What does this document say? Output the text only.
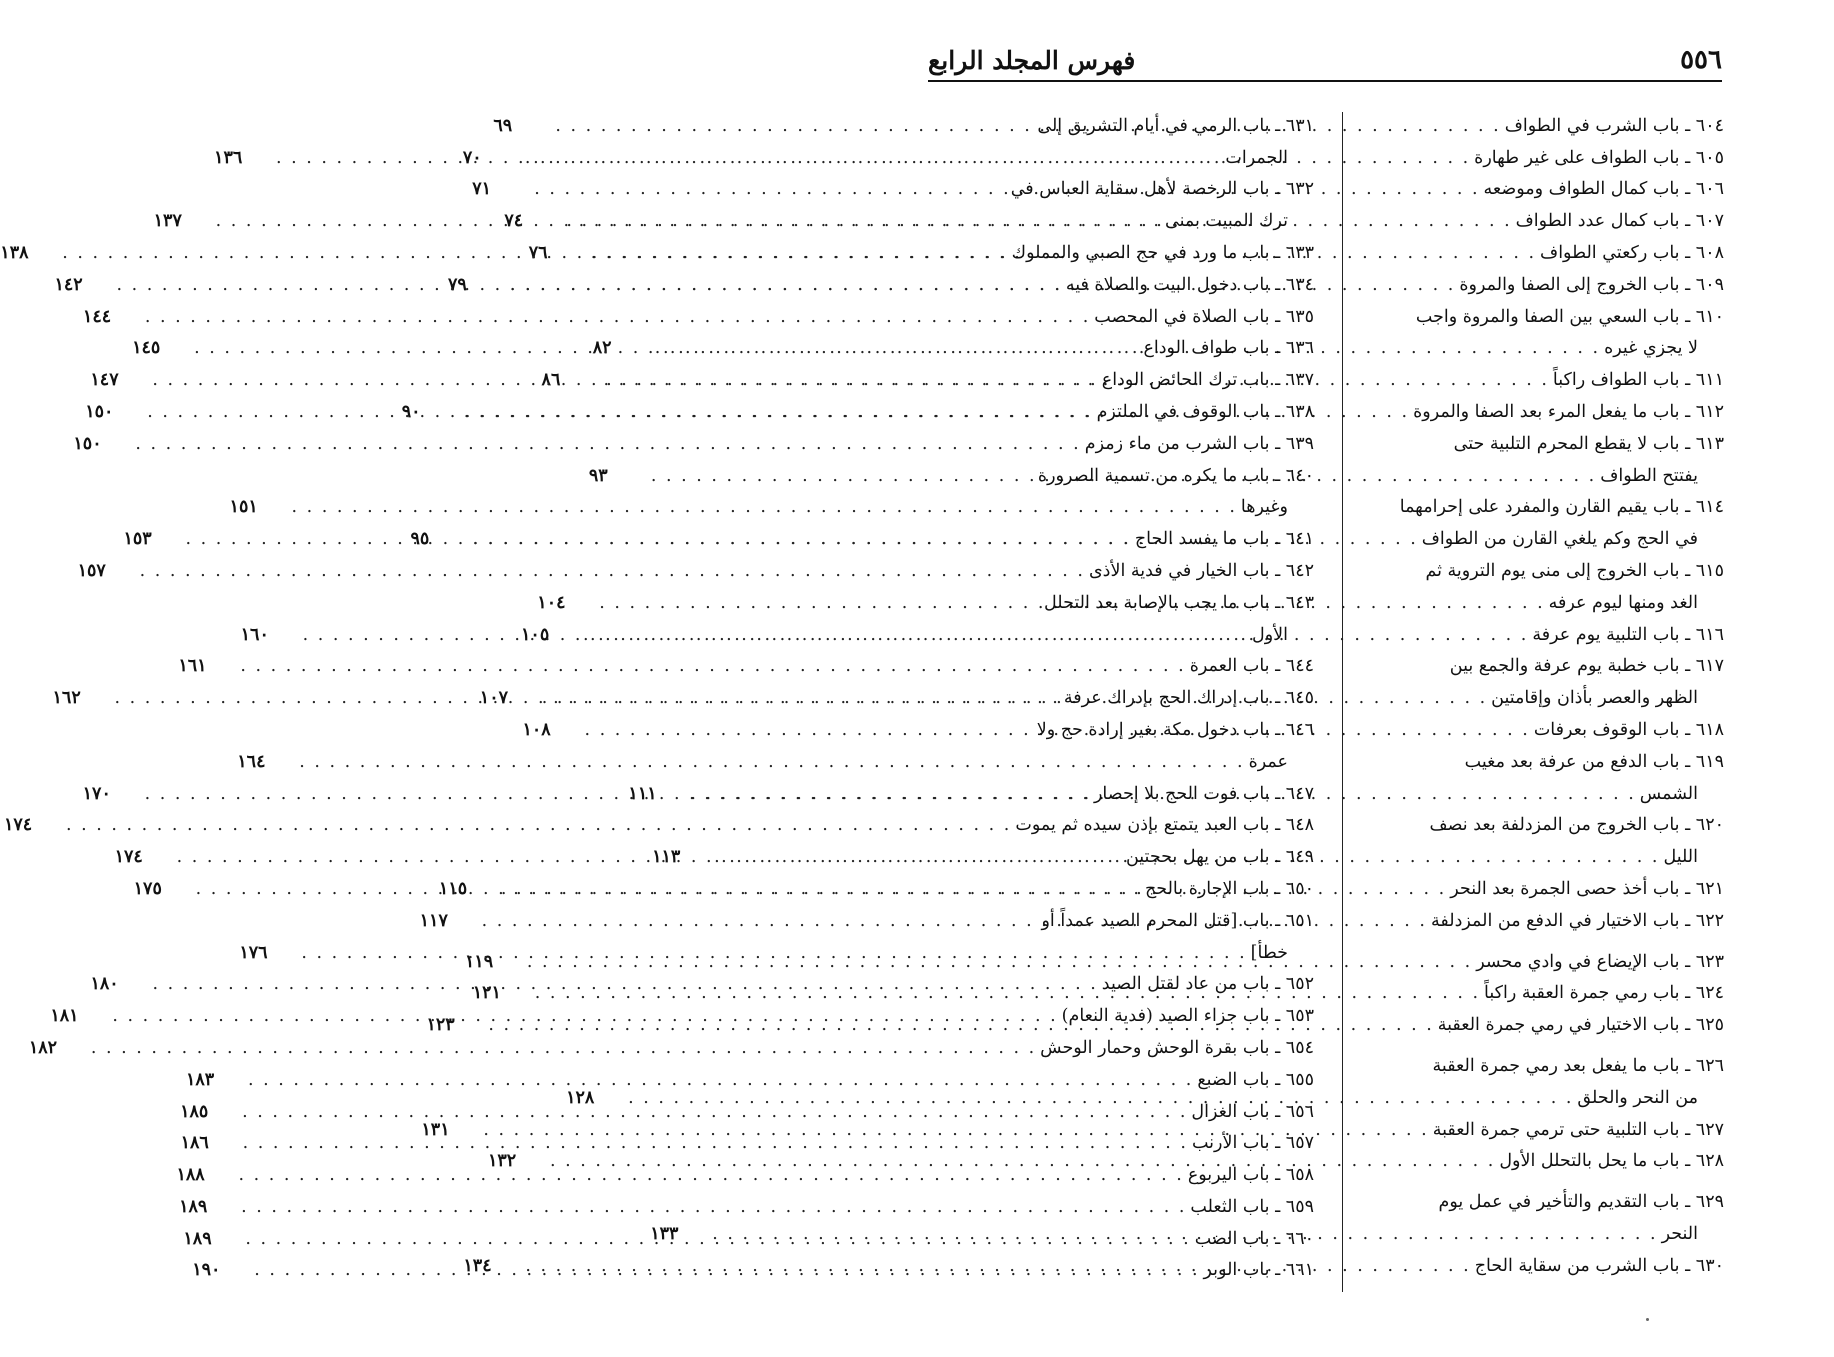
٥٥٦
فهرس المجلد الرابع
٦٠٤ ـ باب الشرب في الطواف
. . .
٦٩
٦٠٥ ـ باب الطواف على غير طهارة
. . .
٧٠
٦٠٦ ـ باب كمال الطواف وموضعه
. . .
٧١
٦٠٧ ـ باب كمال عدد الطواف
. . .
٧٤
٦٠٨ ـ باب ركعتي الطواف
. . .
٧٦
٦٠٩ ـ باب الخروج إلى الصفا والمروة
. . .
٧٩
٦١٠ ـ باب السعي بين الصفا والمروة واجب
لا يجزي غيره
. . .
٨٢
٦١١ ـ باب الطواف راكباً
. . .
٨٦
٦١٢ ـ باب ما يفعل المرء بعد الصفا والمروة
. . .
٩٠
٦١٣ ـ باب لا يقطع المحرم التلبية حتى
يفتتح الطواف
. . .
٩٣
٦١٤ ـ باب يقيم القارن والمفرد على إحرامهما
في الحج وكم يلغي القارن من الطواف
. . .
٩٥
٦١٥ ـ باب الخروج إلى منى يوم التروية ثم
الغد ومنها ليوم عرفه
. . .
١٠٤
٦١٦ ـ باب التلبية يوم عرفة
. . .
١٠٥
٦١٧ ـ باب خطبة يوم عرفة والجمع بين
الظهر والعصر بأذان وإقامتين
. . .
١٠٧
٦١٨ ـ باب الوقوف بعرفات
. . .
١٠٨
٦١٩ ـ باب الدفع من عرفة بعد مغيب
الشمس
. . .
١١١
٦٢٠ ـ باب الخروج من المزدلفة بعد نصف
الليل
. . .
١١٣
٦٢١ ـ باب أخذ حصى الجمرة بعد النحر
. . .
١١٥
٦٢٢ ـ باب الاختيار في الدفع من المزدلفة
. . .
١١٧
٦٢٣ ـ باب الإيضاع في وادي محسر
. . .
١١٩
٦٢٤ ـ باب رمي جمرة العقبة راكباً
. . .
١٢١
٦٢٥ ـ باب الاختيار في رمي جمرة العقبة
. . .
١٢٣
٦٢٦ ـ باب ما يفعل بعد رمي جمرة العقبة
من النحر والحلق
. . .
١٢٨
٦٢٧ ـ باب التلبية حتى ترمي جمرة العقبة
. . .
١٣١
٦٢٨ ـ باب ما يحل بالتحلل الأول
. . .
١٣٢
٦٢٩ ـ باب التقديم والتأخير في عمل يوم
النحر
. . .
١٣٣
٦٣٠ ـ باب الشرب من سقاية الحاج
. . .
١٣٤
٦٣١ ـ باب الرمي في أيام التشريق إلى
الجمرات
. . .
١٣٦
٦٣٢ ـ باب الرخصة لأهل سقاية العباس في
ترك المبيت بمنى
. . .
١٣٧
٦٣٣ ـ باب ما ورد في حج الصبي والمملوك
. . .
١٣٨
٦٣٤ ـ باب دخول البيت والصلاة فيه
. . .
١٤٢
٦٣٥ ـ باب الصلاة في المحصب
. . .
١٤٤
٦٣٦ ـ باب طواف الوداع
. . .
١٤٥
٦٣٧ ـ باب ترك الحائض الوداع
. . .
١٤٧
٦٣٨ ـ باب الوقوف في الملتزم
. . .
١٥٠
٦٣٩ ـ باب الشرب من ماء زمزم
. . .
١٥٠
٦٤٠ ـ باب ما يكره من تسمية الصرورة
وغيرها
. . .
١٥١
٦٤١ ـ باب ما يفسد الحاج
. . .
١٥٣
٦٤٢ ـ باب الخيار في فدية الأذى
. . .
١٥٧
٦٤٣ ـ باب ما يجب بالإصابة بعد التحلل
الأول
. . .
١٦٠
٦٤٤ ـ باب العمرة
. . .
١٦١
٦٤٥ ـ باب إدراك الحج بإدراك عرفة
. . .
١٦٢
٦٤٦ ـ باب دخول مكة بغير إرادة حج ولا
عمرة
. . .
١٦٤
٦٤٧ ـ باب فوت الحج بلا إحصار
. . .
١٧٠
٦٤٨ ـ باب العبد يتمتع بإذن سيده ثم يموت
. . .
١٧٤
٦٤٩ ـ باب من يهل بحجتين
. . .
١٧٤
٦٥٠ ـ باب الإجارة بالحج
. . .
١٧٥
٦٥١ ـ باب [قتل المحرم الصيد عمداً أو
خطأ]
. . .
١٧٦
٦٥٢ ـ باب من عاد لقتل الصيد
. . .
١٨٠
٦٥٣ ـ باب جزاء الصيد (فدية النعام)
. . .
١٨١
٦٥٤ ـ باب بقرة الوحش وحمار الوحش
. . .
١٨٢
٦٥٥ ـ باب الضبع
. . .
١٨٣
٦٥٦ ـ باب الغزال
. . .
١٨٥
٦٥٧ ـ باب الأرنب
. . .
١٨٦
٦٥٨ ـ باب اليربوع
. . .
١٨٨
٦٥٩ ـ باب الثعلب
. . .
١٨٩
٦٦٠ ـ باب الضب
. . .
١٨٩
٦٦١ ـ باب الوبر
. . .
١٩٠
